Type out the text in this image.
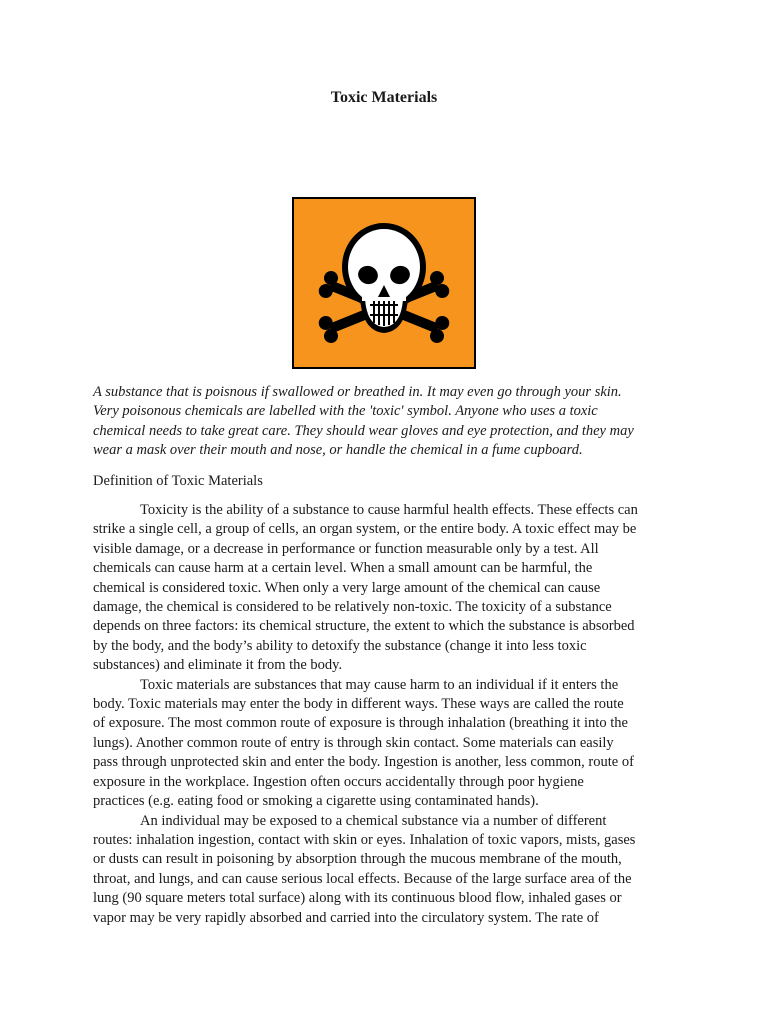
Toxic Materials

A substance that is poisnous if swallowed or breathed in. It may even go through your skin.
Very poisonous chemicals are labelled with the 'toxic' symbol. Anyone who uses a toxic
chemical needs to take great care. They should wear gloves and eye protection, and they may
wear a mask over their mouth and nose, or handle the chemical in a fume cupboard.

Definition of Toxic Materials

Toxicity is the ability of a substance to cause harmful health effects. These effects can
strike a single cell, a group of cells, an organ system, or the entire body. A toxic effect may be
visible damage, or a decrease in performance or function measurable only by a test. All
chemicals can cause harm at a certain level. When a small amount can be harmful, the
chemical is considered toxic. When only a very large amount of the chemical can cause
damage, the chemical is considered to be relatively non-toxic. The toxicity of a substance
depends on three factors: its chemical structure, the extent to which the substance is absorbed
by the body, and the body’s ability to detoxify the substance (change it into less toxic
substances) and eliminate it from the body.
Toxic materials are substances that may cause harm to an individual if it enters the
body. Toxic materials may enter the body in different ways. These ways are called the route
of exposure. The most common route of exposure is through inhalation (breathing it into the
lungs). Another common route of entry is through skin contact. Some materials can easily
pass through unprotected skin and enter the body. Ingestion is another, less common, route of
exposure in the workplace. Ingestion often occurs accidentally through poor hygiene
practices (e.g. eating food or smoking a cigarette using contaminated hands).
An individual may be exposed to a chemical substance via a number of different
routes: inhalation ingestion, contact with skin or eyes. Inhalation of toxic vapors, mists, gases
or dusts can result in poisoning by absorption through the mucous membrane of the mouth,
throat, and lungs, and can cause serious local effects. Because of the large surface area of the
lung (90 square meters total surface) along with its continuous blood flow, inhaled gases or
vapor may be very rapidly absorbed and carried into the circulatory system. The rate of
